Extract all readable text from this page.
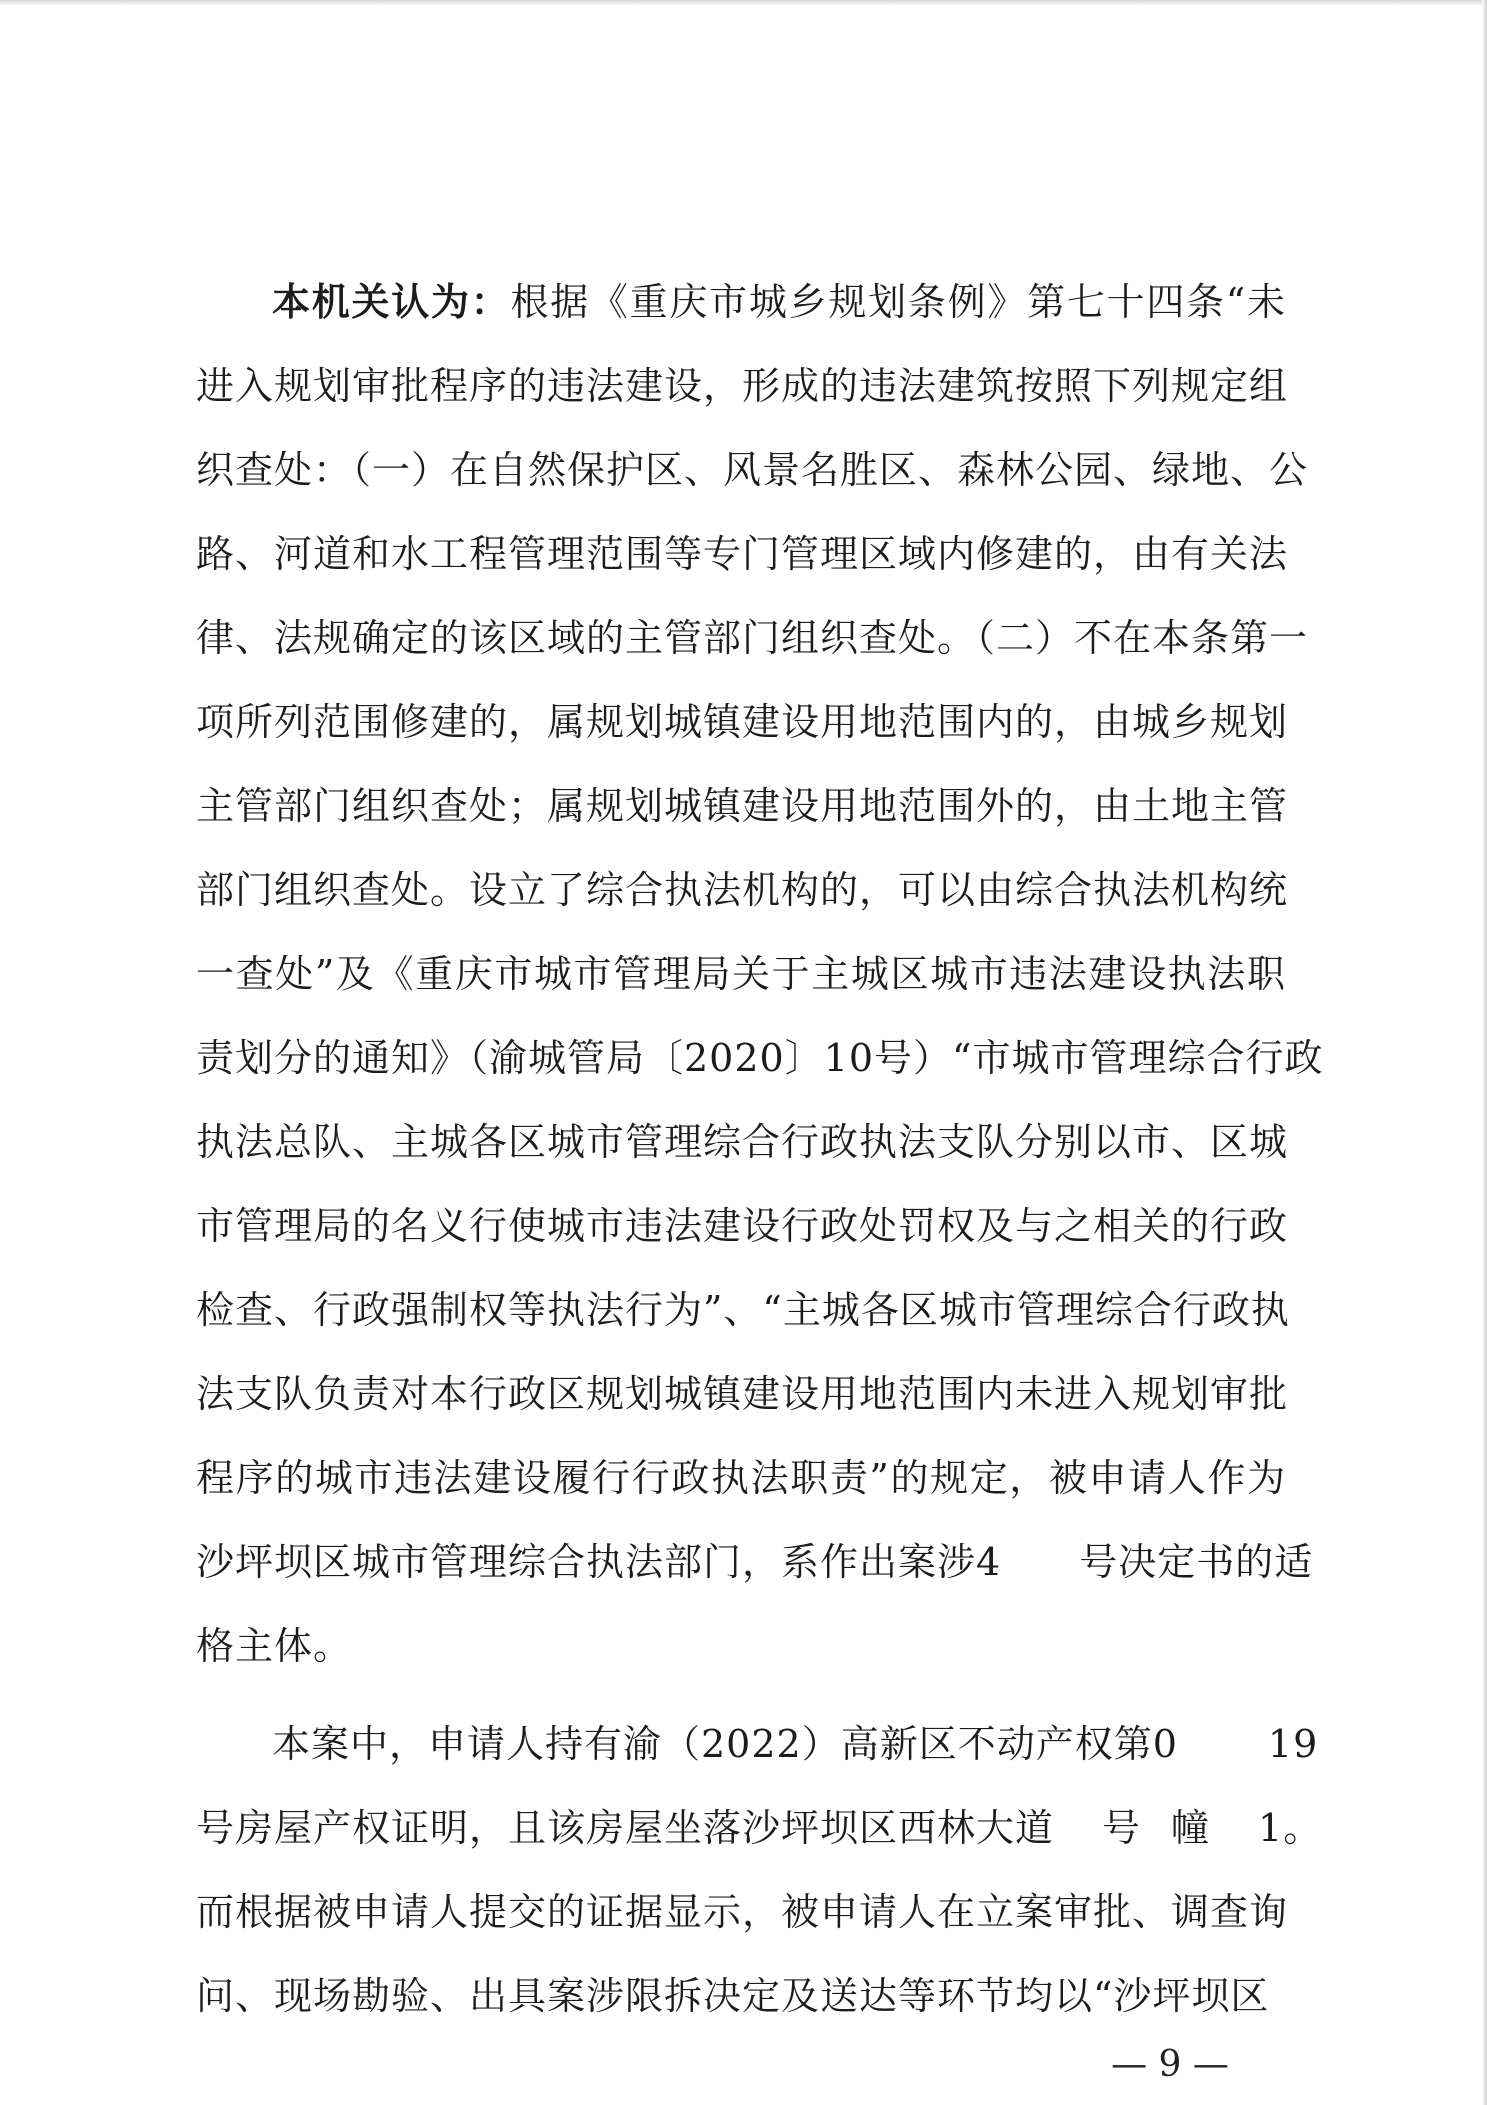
本机关认为：根据《重庆市城乡规划条例》第七十四条“未
进入规划审批程序的违法建设，形成的违法建筑按照下列规定组
织查处：（一）在自然保护区、风景名胜区、森林公园、绿地、公
路、河道和水工程管理范围等专门管理区域内修建的，由有关法
律、法规确定的该区域的主管部门组织查处。（二）不在本条第一
项所列范围修建的，属规划城镇建设用地范围内的，由城乡规划
主管部门组织查处；属规划城镇建设用地范围外的，由土地主管
部门组织查处。设立了综合执法机构的，可以由综合执法机构统
一查处”及《重庆市城市管理局关于主城区城市违法建设执法职
责划分的通知》（渝城管局〔2020〕10号）“市城市管理综合行政
执法总队、主城各区城市管理综合行政执法支队分别以市、区城
市管理局的名义行使城市违法建设行政处罚权及与之相关的行政
检查、行政强制权等执法行为”、“主城各区城市管理综合行政执
法支队负责对本行政区规划城镇建设用地范围内未进入规划审批
程序的城市违法建设履行行政执法职责”的规定，被申请人作为
沙坪坝区城市管理综合执法部门，系作出案涉4 号决定书的适
格主体。
本案中，申请人持有渝（2022）高新区不动产权第0 19
号房屋产权证明，且该房屋坐落沙坪坝区西林大道 号 幢 1。
而根据被申请人提交的证据显示，被申请人在立案审批、调查询
问、现场勘验、出具案涉限拆决定及送达等环节均以“沙坪坝区
— 9 —
